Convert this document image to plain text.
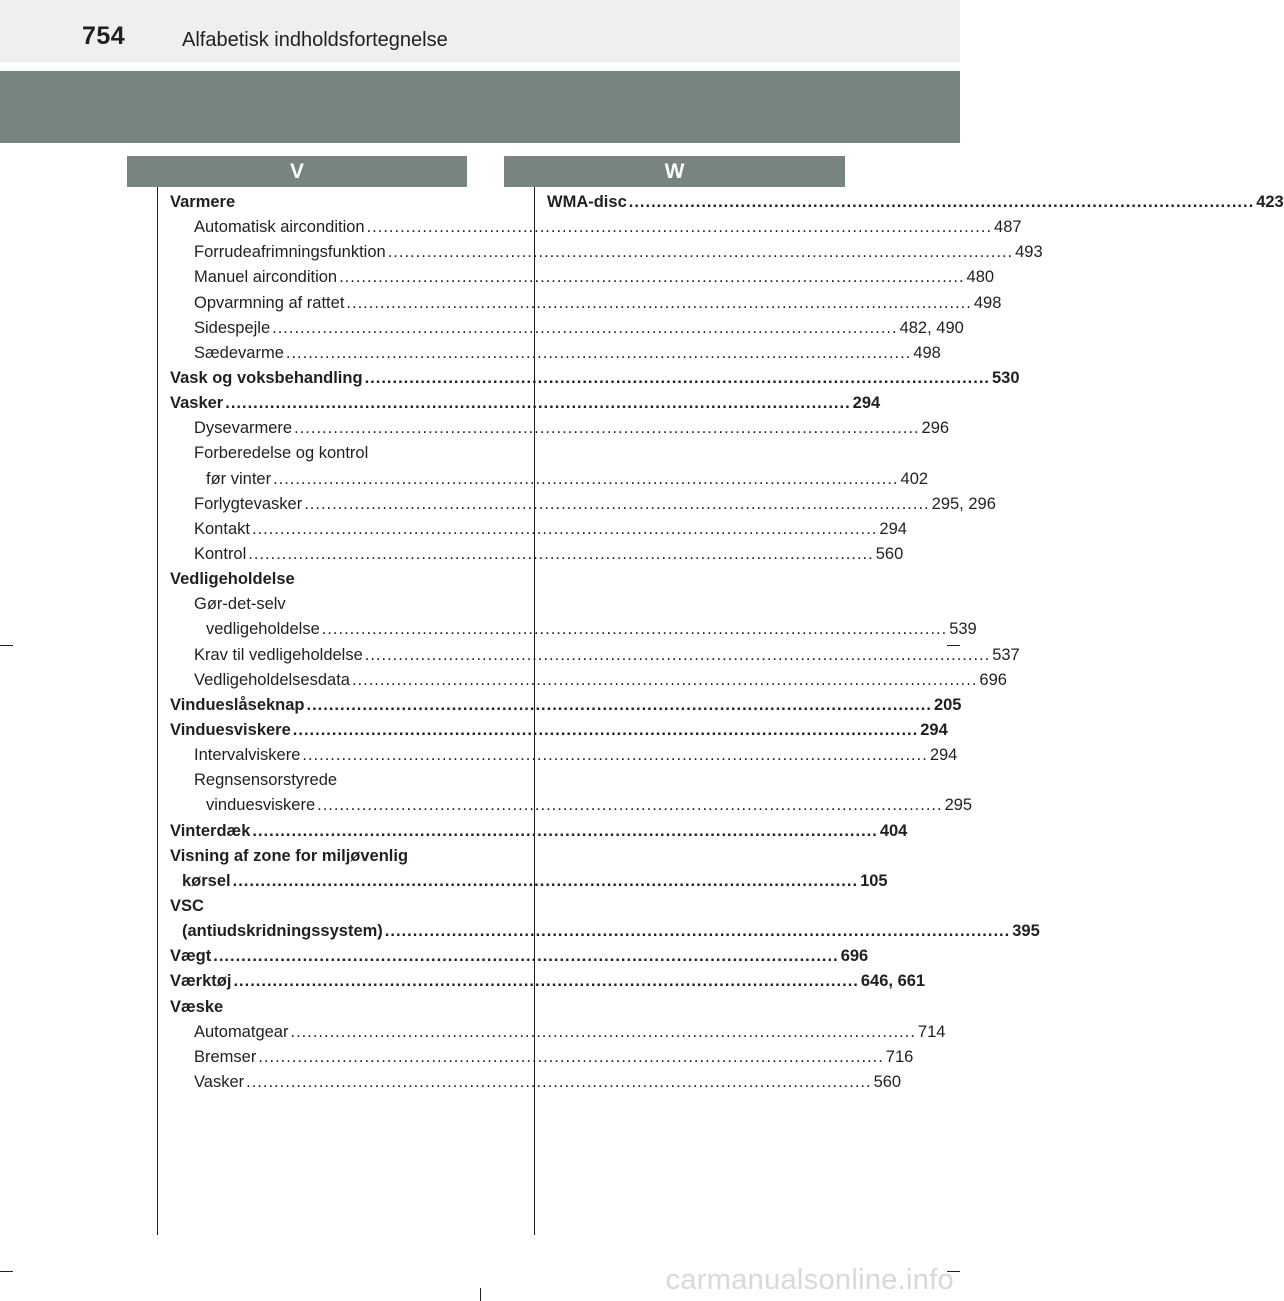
754	Alfabetisk indholdsfortegnelse
V	W
Varmere
Automatisk aircondition ................................................................................................................ 487
Forrudeafrimningsfunktion ................................................................................................................ 493
Manuel aircondition ................................................................................................................ 480
Opvarmning af rattet ................................................................................................................ 498
Sidespejle ................................................................................................................ 482, 490
Sædevarme ................................................................................................................ 498
Vask og voksbehandling ................................................................................................................ 530
Vasker ................................................................................................................ 294
Dysevarmere ................................................................................................................ 296
Forberedelse og kontrol
før vinter ................................................................................................................ 402
Forlygtevasker ................................................................................................................ 295, 296
Kontakt ................................................................................................................ 294
Kontrol ................................................................................................................ 560
Vedligeholdelse
Gør-det-selv
vedligeholdelse ................................................................................................................ 539
Krav til vedligeholdelse ................................................................................................................ 537
Vedligeholdelsesdata ................................................................................................................ 696
Vindueslåseknap ................................................................................................................ 205
Vinduesviskere ................................................................................................................ 294
Intervalviskere ................................................................................................................ 294
Regnsensorstyrede
vinduesviskere ................................................................................................................ 295
Vinterdæk ................................................................................................................ 404
Visning af zone for miljøvenlig
kørsel ................................................................................................................ 105
VSC
(antiudskridningssystem) ................................................................................................................ 395
Vægt ................................................................................................................ 696
Værktøj ................................................................................................................ 646, 661
Væske
Automatgear ................................................................................................................ 714
Bremser ................................................................................................................ 716
Vasker ................................................................................................................ 560
WMA-disc ................................................................................................................ 423
carmanualsonline.info
